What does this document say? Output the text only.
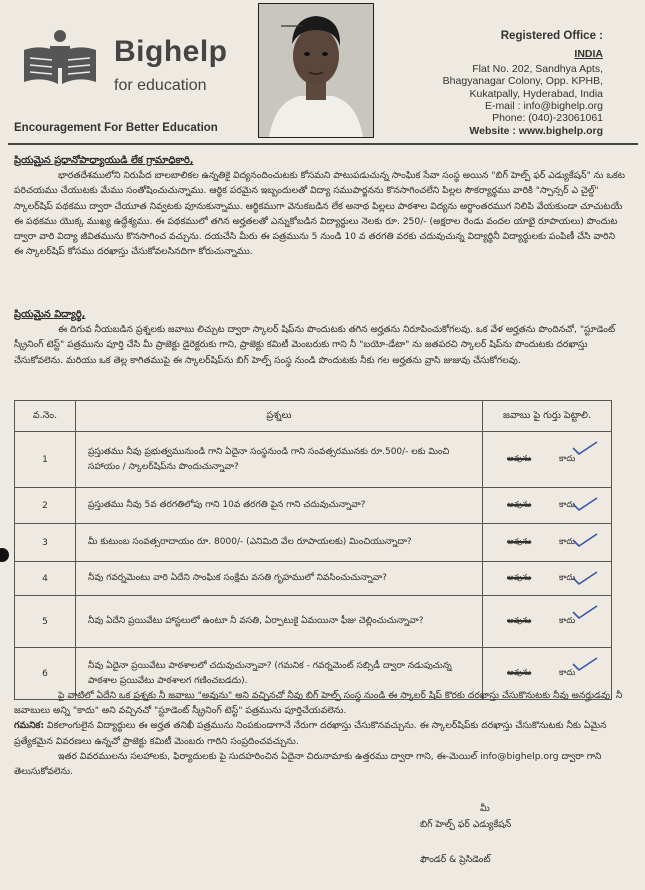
Bighelp
for education
Encouragement For Better Education
Registered Office :
INDIA
Flat No. 202, Sandhya Apts,
Bhagyanagar Colony, Opp. KPHB,
Kukatpally, Hyderabad, India
E-mail : info@bighelp.org
Phone: (040)-23061061
Website : www.bighelp.org
ప్రియమైన ప్రధానోపాధ్యాయుడి లేక గ్రామాధికారి,
భారతదేశములోని నిరుపేద బాలబాలికల ఉన్నతికై విద్యనందించుటకు కోసమని పాటుపడుచున్న సాంఘిక సేవా సంస్థ అయిన "బిగ్ హెల్ప్ ఫర్ ఎడ్యుకేషన్" ను ఒకట పరిచయము చేయుటకు మేము సంతోషించుచున్నాము. ఆర్థిక పరమైన ఇబ్బందులతో విద్యా సముపార్జనను కొనసాగించలేని పిల్లల సౌకర్యార్థము వారికి "స్పాన్సర్ ఎ చైల్డ్" స్కాలర్‌షిప్ పథకము ద్వారా చేయూత నివ్వటకు పూనుకున్నాము. ఆర్థికముగా వెనుకబడిన లేక అనాథ పిల్లలు పాఠశాల విద్యను అర్థాంతరముగ నిలిపి వేయకుండా చూచుటయే ఈ పథకము యొక్క ముఖ్య ఉద్దేశ్యము. ఈ పథకములో తగిన అర్హతలతో ఎన్నుకోబడిన విద్యార్థులు నెలకు రూ. 250/- (అక్షరాల రెండు వందల యాభై రూపాయలు) పొందుట ద్వారా వారి విద్యా జీవితమును కొనసాగించ వచ్చును. దయచేసి మీరు ఈ పత్రమును 5 నుండి 10 వ తరగతి వరకు చదువుచున్న విద్యార్థినీ విద్యార్థులకు పంపిణీ చేసి వారిని ఈ స్కాలర్‌షిప్ కోసము దరఖాస్తు చేసుకోవలసినదిగా కోరుచున్నాము.
ప్రియమైన విద్యార్థి,
ఈ దిగువ నీయబడిన ప్రశ్నలకు జవాబు లిచ్చుట ద్వారా స్కాలర్ షిప్‌ను పొందుటకు తగిన అర్హతను నిరూపించుకోగలవు. ఒక వేళ అర్హతను పొందినచో, "స్టూడెంట్ స్క్రీనింగ్ టెస్ట్" పత్రమును పూర్తి చేసి మీ ప్రాజెక్టు డైరెక్టరుకు గాని, ప్రాజెక్టు కమిటీ మెంబరుకు గాని నీ "బయో-డేటా" ను జతపరచి స్కాలర్ షిప్‌ను పొందుటకు దరఖాస్తు చేసుకోవలెను. మరియు ఒక తెల్ల కాగితముపై ఈ స్కాలర్‌షిప్‌ను బిగ్ హెల్ప్ సంస్థ నుండి పొందుటకు నీకు గల అర్హతను వ్రాసి జుజువు చేసుకోగలవు.
వ.నెం.	ప్రశ్నలు	జవాబు పై గుర్తు పెట్టాలి.
1	ప్రస్తుతము నీవు ప్రభుత్వమునుండి గాని ఏదైనా సంస్థనుండి గాని సంవత్సరమునకు రూ.500/- లకు మించి సహాయం / స్కాలర్‌షిప్‌ను పొందుచున్నావా?	అవును కాదు

2	ప్రస్తుతము నీవు 5వ తరగతిలోపు గాని 10వ తరగతి పైన గాని చదువుచున్నావా?	అవును కాదు

3	మీ కుటుంబ సంవత్సరాదాయం రూ. 8000/- (ఎనిమిది వేల రూపాయలకు) మించియున్నాదా?	అవును కాదు

4	నీవు గవర్నమెంటు వారి ఏదేని సాంఘిక సంక్షేమ వసతి గృహములో నివసించుచున్నావా?	అవును కాదు

5	నీవు ఏదేని ప్రయివేటు హాస్టలులో ఉంటూ నీ వసతి, ఏర్పాటుకై ఏమయినా ఫీజు చెల్లించుచున్నావా?	అవును కాదు

6	నీవు ఏదైనా ప్రయివేటు పాఠశాలలో చదువుచున్నావా? (గమనిక - గవర్నమెంట్ సబ్సిడీ ద్వారా నడుపుచున్న పాఠశాల ప్రయివేటు పాఠశాలగ గణించబడదు).	అవును కాదు
పై వాటిలో ఏదేని ఒక ప్రశ్నకు నీ జవాబు "అవును" అని వచ్చినచో నీవు బిగ్ హెల్ప్ సంస్థ నుండి ఈ స్కాలర్ షిప్ కొరకు దరఖాస్తు చేసుకొనుటకు నీవు అనర్హుడవు. నీ జవాబులు అన్ని "కాదు" అని వచ్చినచో "స్టూడెంట్ స్క్రీనింగ్ టెస్ట్" పత్రమును పూర్తిచేయవలెను.
గమనిక: వికలాంగులైన విద్యార్థులు ఈ అర్హత తనిఖీ పత్రమును నింపకుండాగానే నేరుగా దరఖాస్తు చేసుకొనవచ్చును. ఈ స్కాలర్‌షిప్‌కు దరఖాస్తు చేసుకొనుటకు నీకు ఏమైన ప్రత్యేకమైన వివరణలు ఉన్నచో ప్రాజెక్టు కమిటీ మెంబరు గారిని సంప్రదించవచ్చును.
ఇతర వివరములను సలహాలకు, ఫిర్యాదులకు పై సుదహరించిన ఏదైనా చిరునామాకు ఉత్తరము ద్వారా గాని, ఈ-మెయిల్ info@bighelp.org ద్వారా గాని తెలుసుకోవలెను.
మీ
బిగ్ హెల్ప్ ఫర్ ఎడ్యుకేషన్
ఫౌండర్ & ప్రెసిడెంట్
